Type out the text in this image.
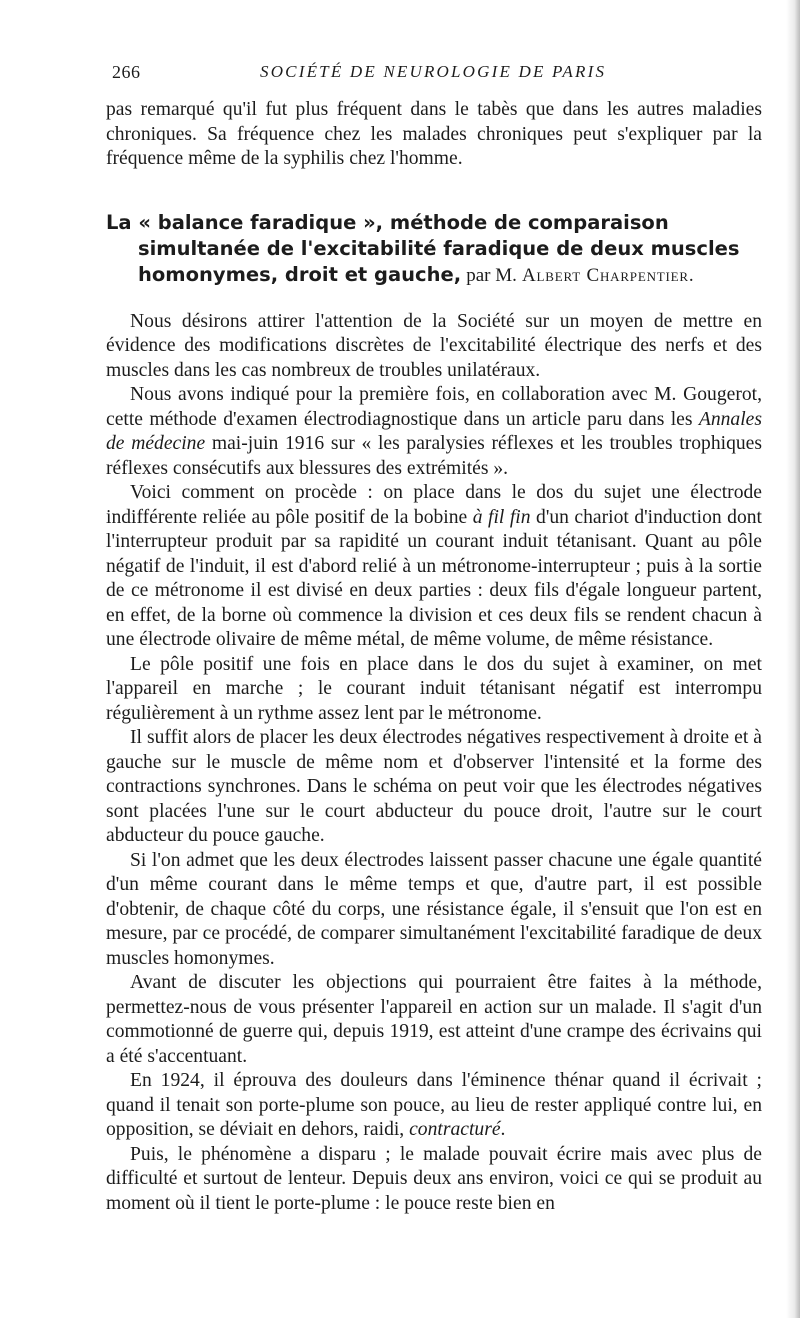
266	SOCIÉTÉ DE NEUROLOGIE DE PARIS

pas remarqué qu'il fut plus fréquent dans le tabès que dans les autres maladies chroniques. Sa fréquence chez les malades chroniques peut s'expliquer par la fréquence même de la syphilis chez l'homme.

La « balance faradique », méthode de comparaison simultanée de l'excitabilité faradique de deux muscles homonymes, droit et gauche, par M. Albert Charpentier.

Nous désirons attirer l'attention de la Société sur un moyen de mettre en évidence des modifications discrètes de l'excitabilité électrique des nerfs et des muscles dans les cas nombreux de troubles unilatéraux.

Nous avons indiqué pour la première fois, en collaboration avec M. Gougerot, cette méthode d'examen électrodiagnostique dans un article paru dans les Annales de médecine mai-juin 1916 sur « les paralysies réflexes et les troubles trophiques réflexes consécutifs aux blessures des extrémités ».

Voici comment on procède : on place dans le dos du sujet une électrode indifférente reliée au pôle positif de la bobine à fil fin d'un chariot d'induction dont l'interrupteur produit par sa rapidité un courant induit tétanisant. Quant au pôle négatif de l'induit, il est d'abord relié à un métronome-interrupteur ; puis à la sortie de ce métronome il est divisé en deux parties : deux fils d'égale longueur partent, en effet, de la borne où commence la division et ces deux fils se rendent chacun à une électrode olivaire de même métal, de même volume, de même résistance.

Le pôle positif une fois en place dans le dos du sujet à examiner, on met l'appareil en marche ; le courant induit tétanisant négatif est interrompu régulièrement à un rythme assez lent par le métronome.

Il suffit alors de placer les deux électrodes négatives respectivement à droite et à gauche sur le muscle de même nom et d'observer l'intensité et la forme des contractions synchrones. Dans le schéma on peut voir que les électrodes négatives sont placées l'une sur le court abducteur du pouce droit, l'autre sur le court abducteur du pouce gauche.

Si l'on admet que les deux électrodes laissent passer chacune une égale quantité d'un même courant dans le même temps et que, d'autre part, il est possible d'obtenir, de chaque côté du corps, une résistance égale, il s'ensuit que l'on est en mesure, par ce procédé, de comparer simultanément l'excitabilité faradique de deux muscles homonymes.

Avant de discuter les objections qui pourraient être faites à la méthode, permettez-nous de vous présenter l'appareil en action sur un malade. Il s'agit d'un commotionné de guerre qui, depuis 1919, est atteint d'une crampe des écrivains qui a été s'accentuant.

En 1924, il éprouva des douleurs dans l'éminence thénar quand il écrivait ; quand il tenait son porte-plume son pouce, au lieu de rester appliqué contre lui, en opposition, se déviait en dehors, raidi, contracturé.

Puis, le phénomène a disparu ; le malade pouvait écrire mais avec plus de difficulté et surtout de lenteur. Depuis deux ans environ, voici ce qui se produit au moment où il tient le porte-plume : le pouce reste bien en
